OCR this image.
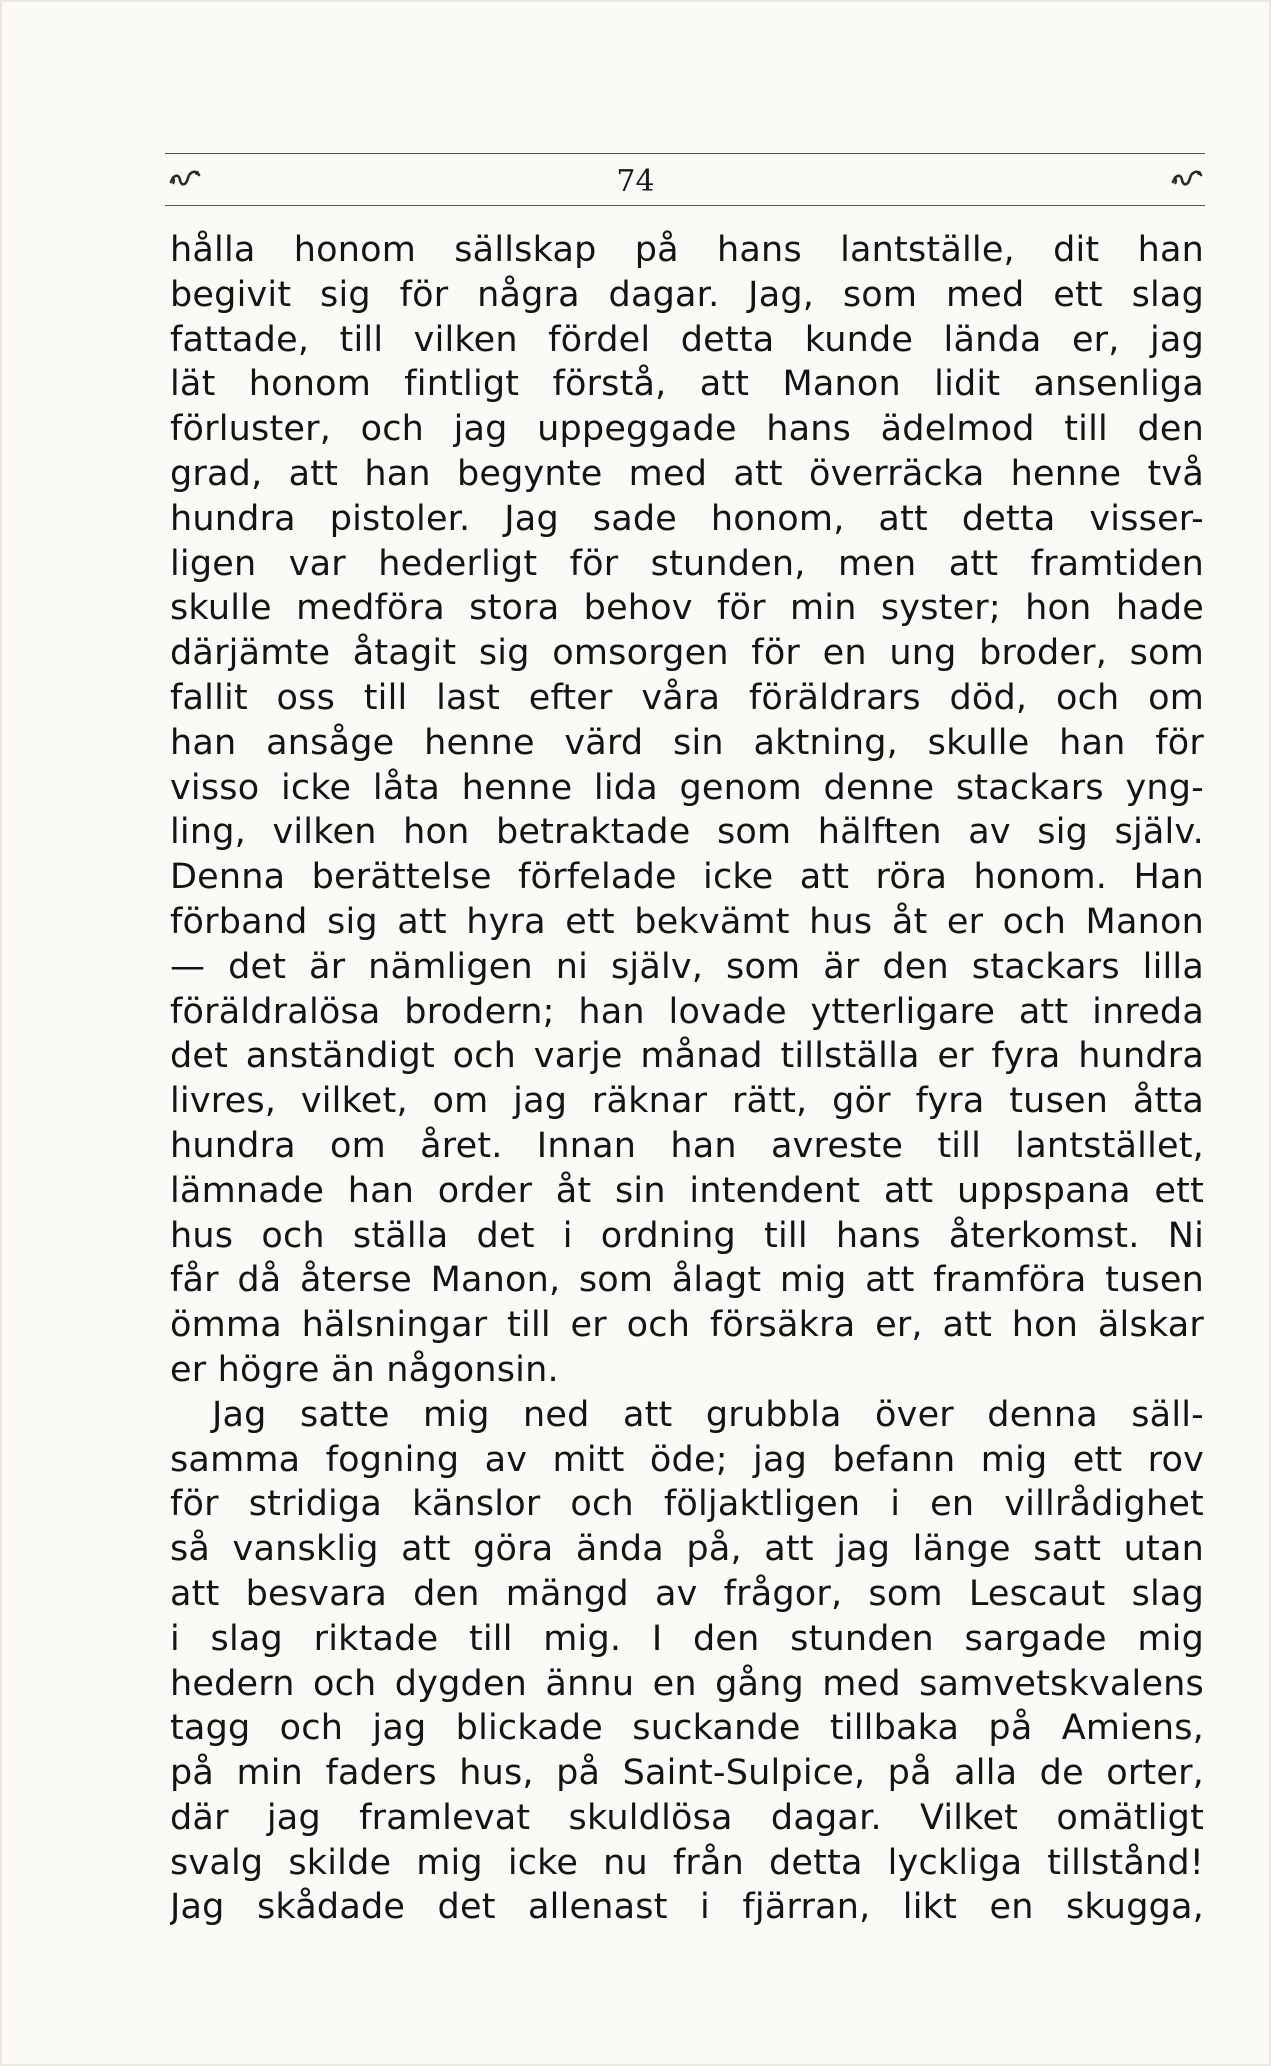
74
hålla honom sällskap på hans lantställe, dit han
begivit sig för några dagar. Jag, som med ett slag
fattade, till vilken fördel detta kunde lända er, jag
lät honom fintligt förstå, att Manon lidit ansenliga
förluster, och jag uppeggade hans ädelmod till den
grad, att han begynte med att överräcka henne två
hundra pistoler. Jag sade honom, att detta visser-
ligen var hederligt för stunden, men att framtiden
skulle medföra stora behov för min syster; hon hade
därjämte åtagit sig omsorgen för en ung broder, som
fallit oss till last efter våra föräldrars död, och om
han ansåge henne värd sin aktning, skulle han för
visso icke låta henne lida genom denne stackars yng-
ling, vilken hon betraktade som hälften av sig själv.
Denna berättelse förfelade icke att röra honom. Han
förband sig att hyra ett bekvämt hus åt er och Manon
— det är nämligen ni själv, som är den stackars lilla
föräldralösa brodern; han lovade ytterligare att inreda
det anständigt och varje månad tillställa er fyra hundra
livres, vilket, om jag räknar rätt, gör fyra tusen åtta
hundra om året. Innan han avreste till lantstället,
lämnade han order åt sin intendent att uppspana ett
hus och ställa det i ordning till hans återkomst. Ni
får då återse Manon, som ålagt mig att framföra tusen
ömma hälsningar till er och försäkra er, att hon älskar
er högre än någonsin.
Jag satte mig ned att grubbla över denna säll-
samma fogning av mitt öde; jag befann mig ett rov
för stridiga känslor och följaktligen i en villrådighet
så vansklig att göra ända på, att jag länge satt utan
att besvara den mängd av frågor, som Lescaut slag
i slag riktade till mig. I den stunden sargade mig
hedern och dygden ännu en gång med samvetskvalens
tagg och jag blickade suckande tillbaka på Amiens,
på min faders hus, på Saint-Sulpice, på alla de orter,
där jag framlevat skuldlösa dagar. Vilket omätligt
svalg skilde mig icke nu från detta lyckliga tillstånd!
Jag skådade det allenast i fjärran, likt en skugga,
